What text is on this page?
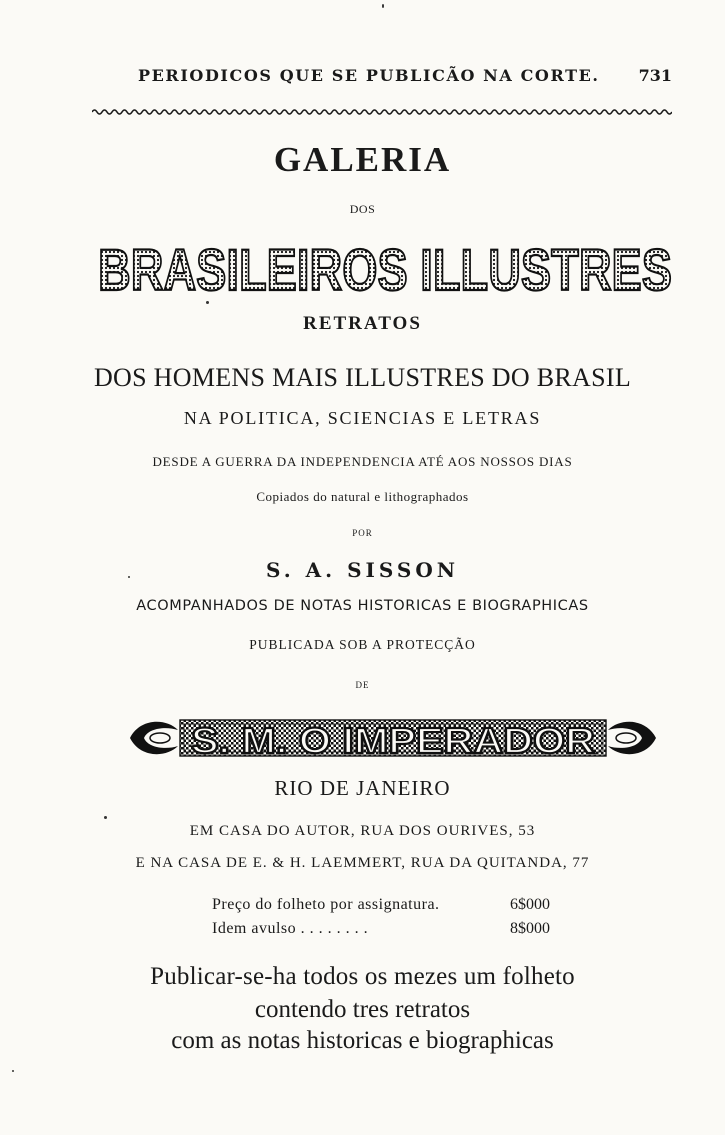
PERIODICOS QUE SE PUBLICÃO NA CORTE. 731
GALERIA
DOS
BRASILEIROS ILLUSTRES
RETRATOS
DOS HOMENS MAIS ILLUSTRES DO BRASIL
NA POLITICA, SCIENCIAS E LETRAS
DESDE A GUERRA DA INDEPENDENCIA ATÉ AOS NOSSOS DIAS
Copiados do natural e lithographados
POR
S. A. SISSON
ACOMPANHADOS DE NOTAS HISTORICAS E BIOGRAPHICAS
PUBLICADA SOB A PROTECÇÃO
DE
S. M. O IMPERADOR
RIO DE JANEIRO
EM CASA DO AUTOR, RUA DOS OURIVES, 53
E NA CASA DE E. & H. LAEMMERT, RUA DA QUITANDA, 77
Preço do folheto por assignatura.	6$000
Idem avulso . . . . . . . .	8$000
Publicar-se-ha todos os mezes um folheto
contendo tres retratos
com as notas historicas e biographicas
